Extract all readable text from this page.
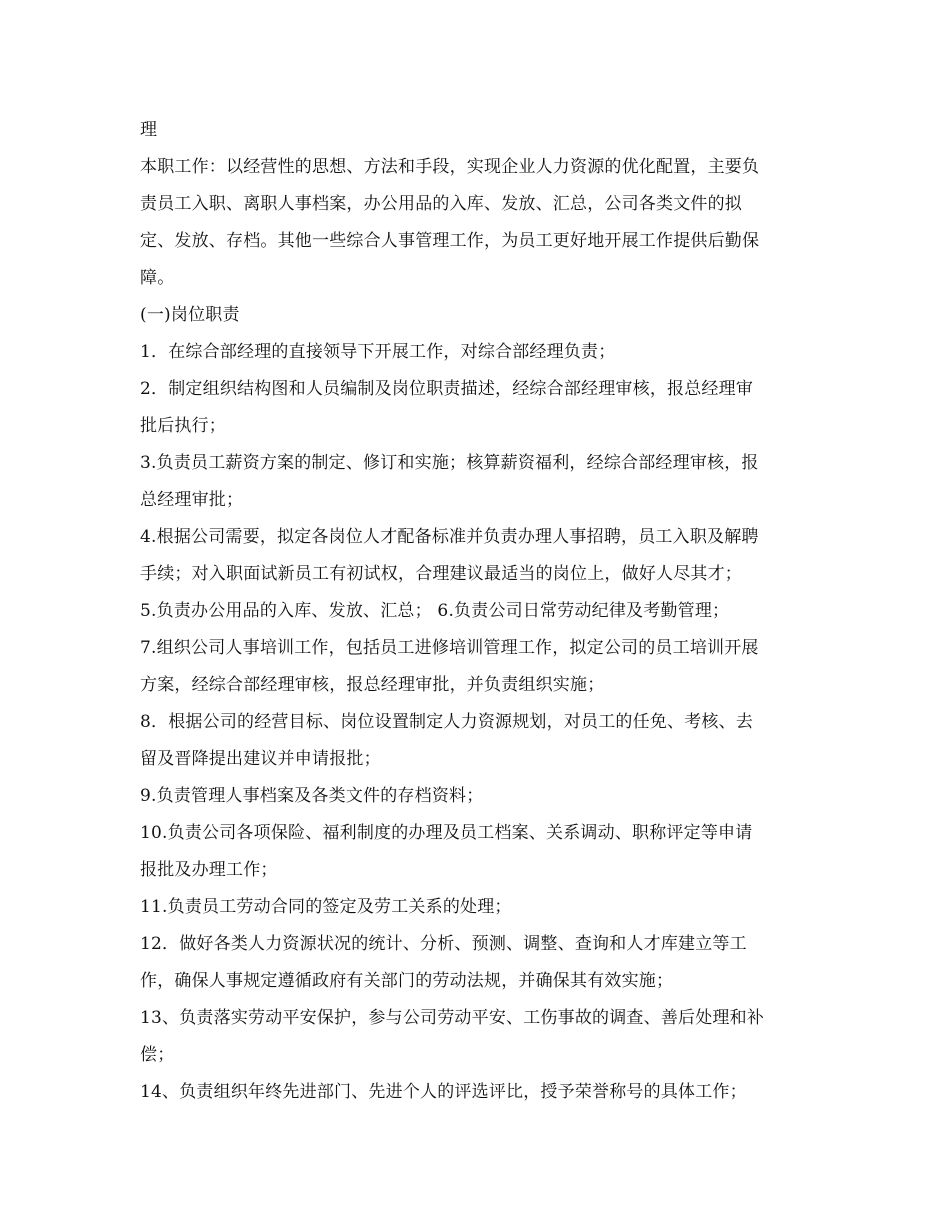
理
本职工作：以经营性的思想、方法和手段，实现企业人力资源的优化配置，主要负
责员工入职、离职人事档案，办公用品的入库、发放、汇总，公司各类文件的拟
定、发放、存档。其他一些综合人事管理工作，为员工更好地开展工作提供后勤保
障。
(一)岗位职责
1．在综合部经理的直接领导下开展工作，对综合部经理负责；
2．制定组织结构图和人员编制及岗位职责描述，经综合部经理审核，报总经理审
批后执行；
3.负责员工薪资方案的制定、修订和实施；核算薪资福利，经综合部经理审核，报
总经理审批；
4.根据公司需要，拟定各岗位人才配备标准并负责办理人事招聘，员工入职及解聘
手续；对入职面试新员工有初试权，合理建议最适当的岗位上，做好人尽其才；
5.负责办公用品的入库、发放、汇总； 6.负责公司日常劳动纪律及考勤管理；
7.组织公司人事培训工作，包括员工进修培训管理工作，拟定公司的员工培训开展
方案，经综合部经理审核，报总经理审批，并负责组织实施；
8．根据公司的经营目标、岗位设置制定人力资源规划，对员工的任免、考核、去
留及晋降提出建议并申请报批；
9.负责管理人事档案及各类文件的存档资料；
10.负责公司各项保险、福利制度的办理及员工档案、关系调动、职称评定等申请
报批及办理工作；
11.负责员工劳动合同的签定及劳工关系的处理；
12．做好各类人力资源状况的统计、分析、预测、调整、查询和人才库建立等工
作，确保人事规定遵循政府有关部门的劳动法规，并确保其有效实施；
13、负责落实劳动平安保护，参与公司劳动平安、工伤事故的调查、善后处理和补
偿；
14、负责组织年终先进部门、先进个人的评选评比，授予荣誉称号的具体工作；
